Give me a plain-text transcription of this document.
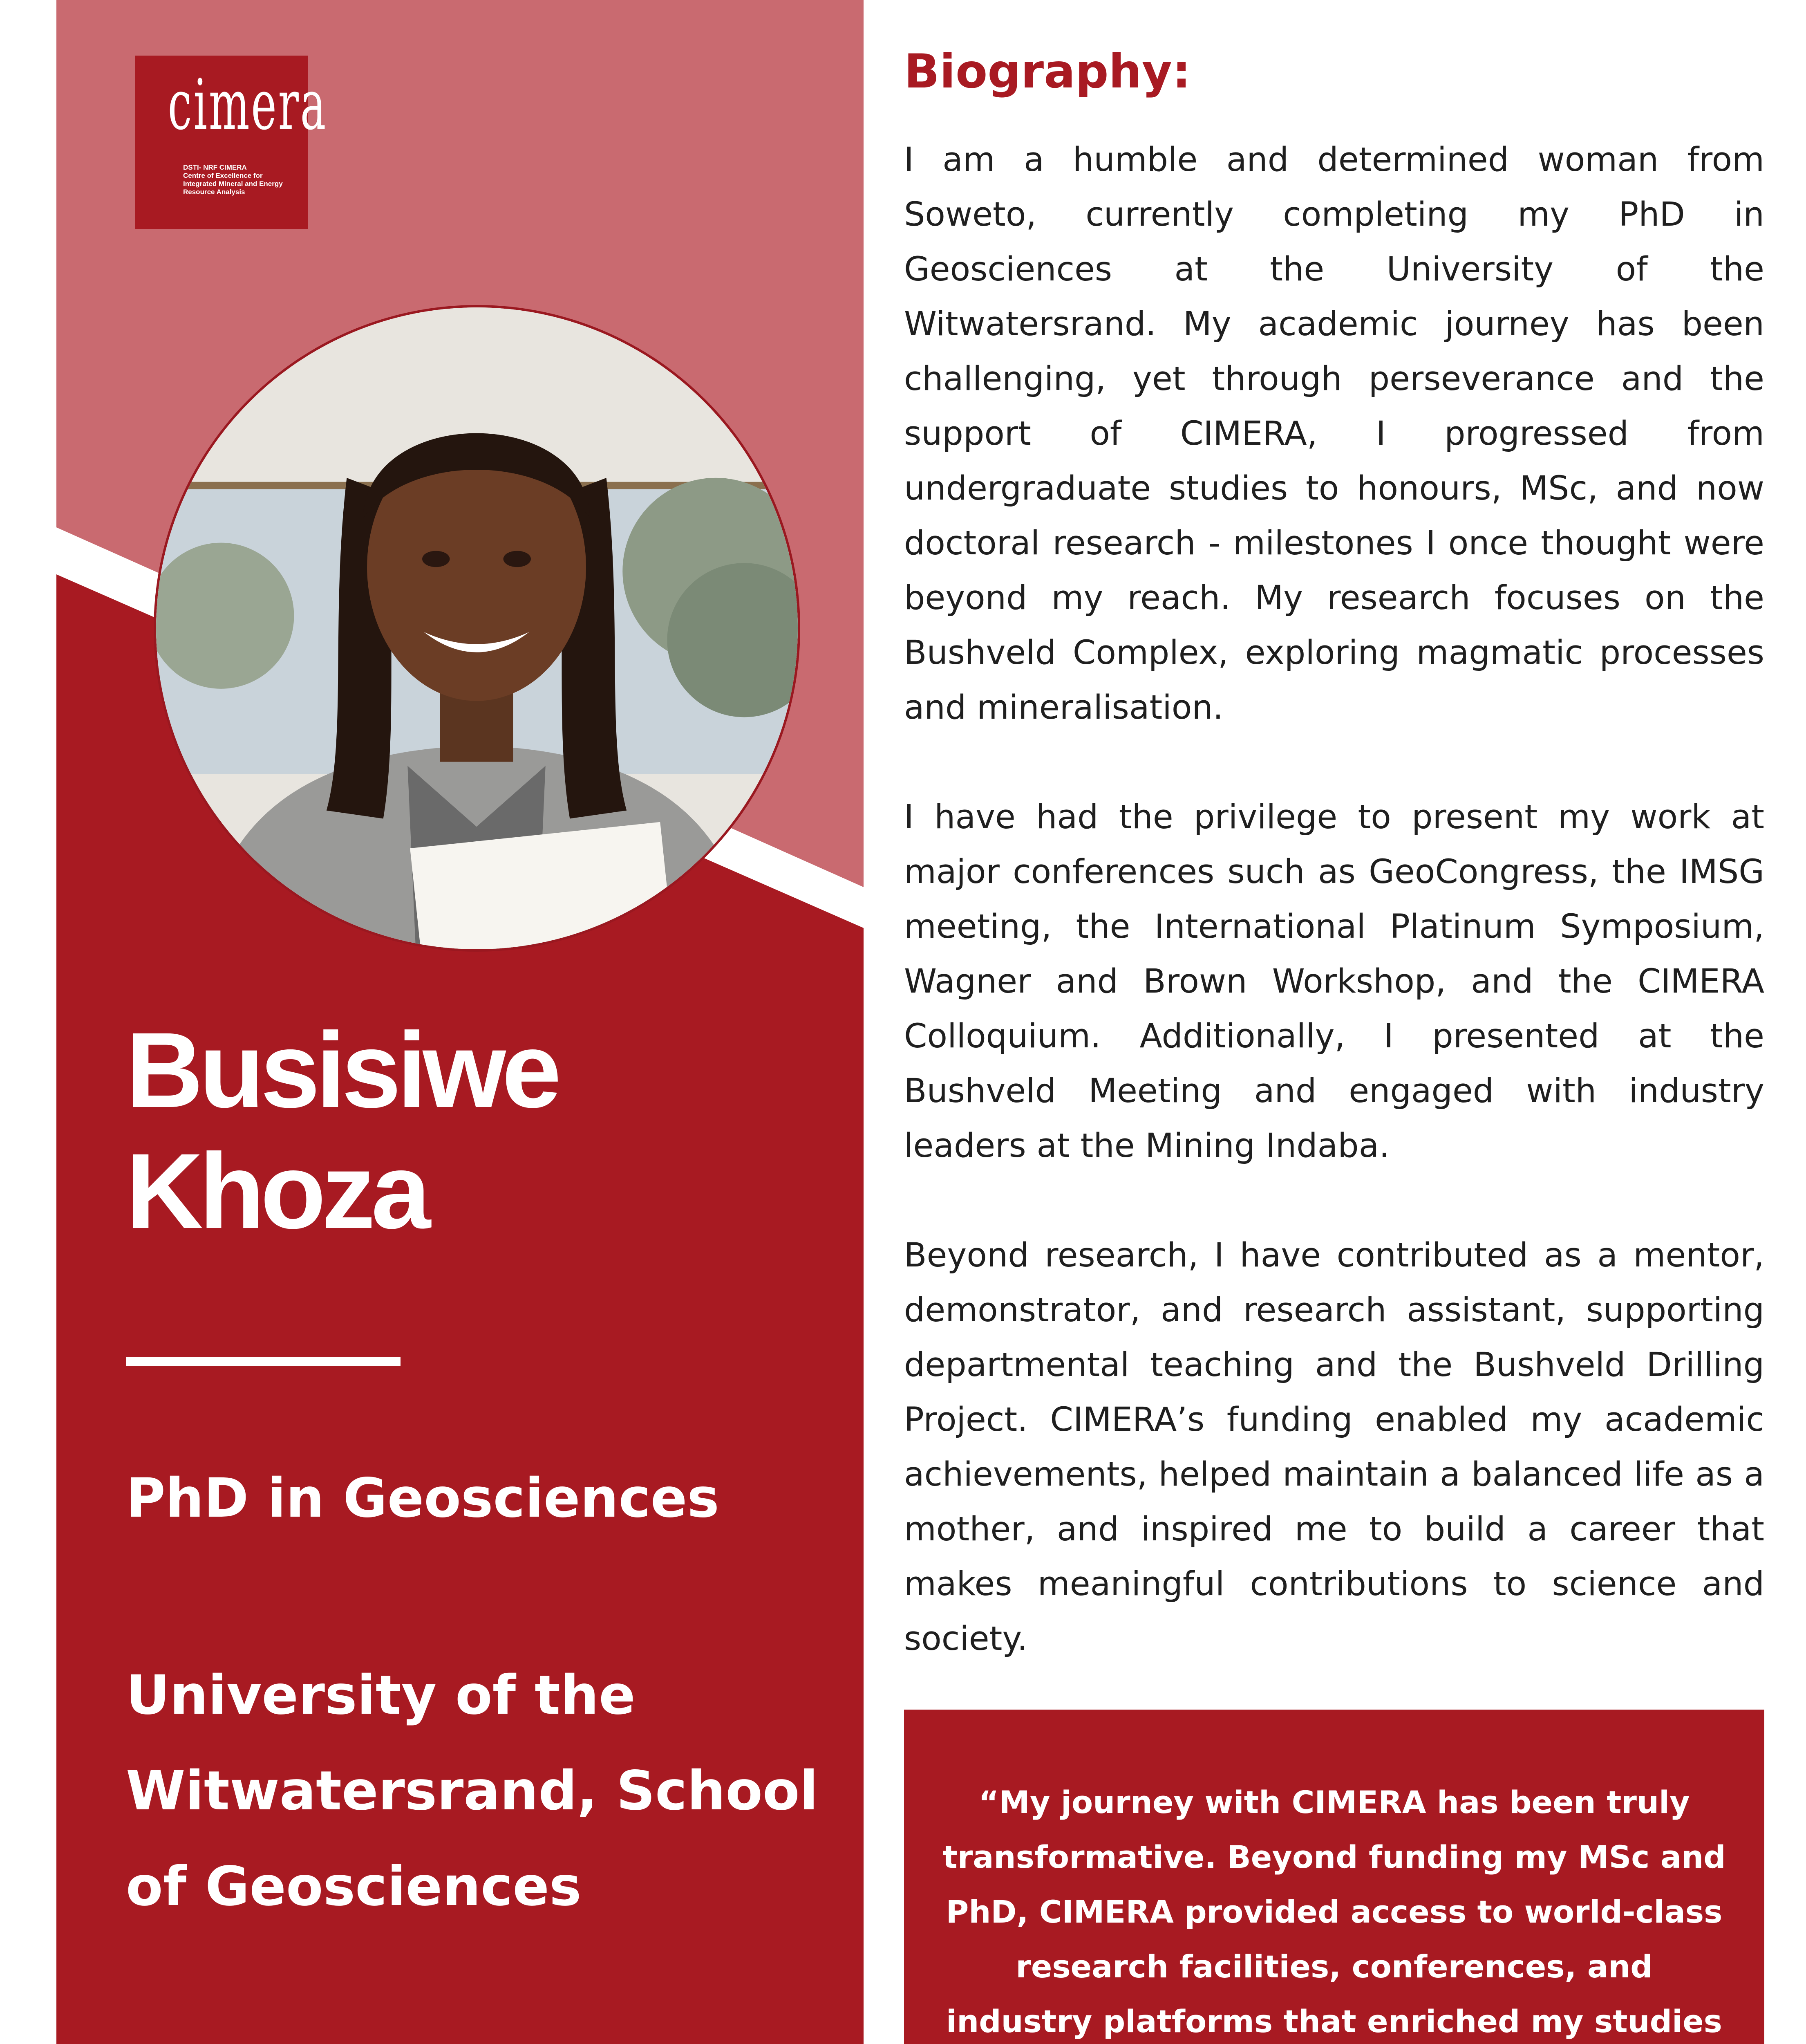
cimera
DSTI- NRF CIMERA
Centre of Excellence for
Integrated Mineral and Energy
Resource Analysis
Busisiwe Khoza
PhD in Geosciences
University of the Witwatersrand, School of Geosciences
Biography:

I am a humble and determined woman from Soweto, currently completing my PhD in Geosciences at the University of the Witwatersrand. My academic journey has been challenging, yet through perseverance and the support of CIMERA, I progressed from undergraduate studies to honours, MSc, and now doctoral research - milestones I once thought were beyond my reach. My research focuses on the Bushveld Complex, exploring magmatic processes and mineralisation.

I have had the privilege to present my work at major conferences such as GeoCongress, the IMSG meeting, the International Platinum Symposium, Wagner and Brown Workshop, and the CIMERA Colloquium. Additionally, I presented at the Bushveld Meeting and engaged with industry leaders at the Mining Indaba.

Beyond research, I have contributed as a mentor, demonstrator, and research assistant, supporting departmental teaching and the Bushveld Drilling Project. CIMERA’s funding enabled my academic achievements, helped maintain a balanced life as a mother, and inspired me to build a career that makes meaningful contributions to science and society.

“My journey with CIMERA has been truly transformative. Beyond funding my MSc and PhD, CIMERA provided access to world-class research facilities, conferences, and industry platforms that enriched my studies
